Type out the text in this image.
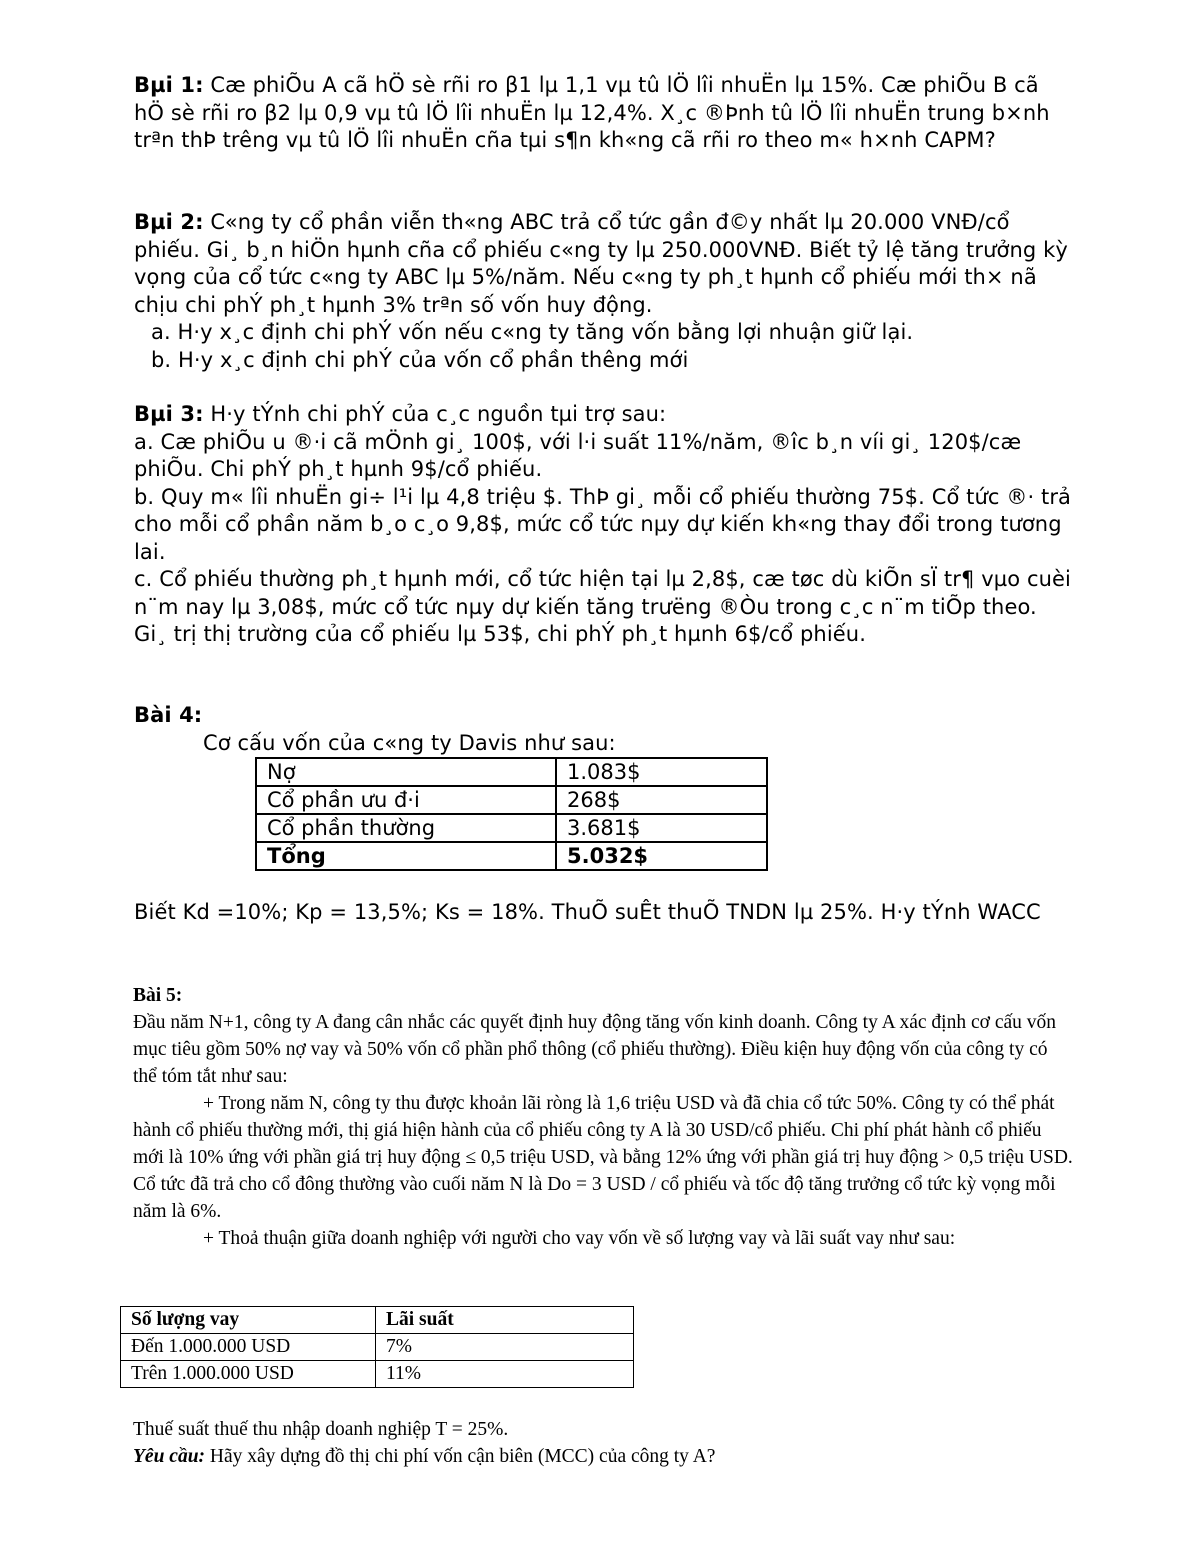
Bµi 1: Cæ phiÕu A cã hÖ sè rñi ro β1 lµ 1,1 vµ tû lÖ lîi nhuËn lµ 15%. Cæ phiÕu B cã hÖ sè rñi ro β2 lµ 0,9 vµ tû lÖ lîi nhuËn lµ 12,4%. X¸c ®Þnh tû lÖ lîi nhuËn trung b×nh trªn thÞ trêng vµ tû lÖ lîi nhuËn cña tµi s¶n kh«ng cã rñi ro theo m« h×nh CAPM?

Bµi 2: C«ng ty cổ phần viễn th«ng ABC trả cổ tức gần đ©y nhất lµ 20.000 VNĐ/cổ phiếu. Gi¸ b¸n hiÖn hµnh cña cổ phiếu c«ng ty lµ 250.000VNĐ. Biết tỷ lệ tăng trưởng kỳ vọng của cổ tức c«ng ty ABC lµ 5%/năm. Nếu c«ng ty ph¸t hµnh cổ phiếu mới th× nã chịu chi phÝ ph¸t hµnh 3% trªn số vốn huy động.

a. H·y x¸c định chi phÝ vốn nếu c«ng ty tăng vốn bằng lợi nhuận giữ lại.

b. H·y x¸c định chi phÝ của vốn cổ phần thêng mới

Bµi 3: H·y tÝnh chi phÝ của c¸c nguồn tµi trợ sau:

a. Cæ phiÕu u ®·i cã mÖnh gi¸ 100$, với l·i suất 11%/năm, ®îc b¸n víi gi¸ 120$/cæ phiÕu. Chi phÝ ph¸t hµnh 9$/cổ phiếu.

b. Quy m« lîi nhuËn gi÷ l¹i lµ 4,8 triệu $. ThÞ gi¸ mỗi cổ phiếu thường 75$. Cổ tức ®· trả cho mỗi cổ phần năm b¸o c¸o 9,8$, mức cổ tức nµy dự kiến kh«ng thay đổi trong tương lai.

c. Cổ phiếu thường ph¸t hµnh mới, cổ tức hiện tại lµ 2,8$, cæ tøc dù kiÕn sÏ tr¶ vµo cuèi n¨m nay lµ 3,08$, mức cổ tức nµy dự kiến tăng trưëng ®Òu trong c¸c n¨m tiÕp theo. Gi¸ trị thị trường của cổ phiếu lµ 53$, chi phÝ ph¸t hµnh 6$/cổ phiếu.

Bài 4:

Cơ cấu vốn của c«ng ty Davis như sau:

Nợ	1.083$
Cổ phần ưu đ·i	268$
Cổ phần thường	3.681$
Tổng	5.032$

Biết Kd =10%; Kp = 13,5%; Ks = 18%. ThuÕ suÊt thuÕ TNDN lµ 25%. H·y tÝnh WACC

Bài 5:

Đầu năm N+1, công ty A đang cân nhắc các quyết định huy động tăng vốn kinh doanh. Công ty A xác định cơ cấu vốn mục tiêu gồm 50% nợ vay và 50% vốn cổ phần phổ thông (cổ phiếu thường). Điều kiện huy động vốn của công ty có thể tóm tắt như sau:

+ Trong năm N, công ty thu được khoản lãi ròng là 1,6 triệu USD và đã chia cổ tức 50%. Công ty có thể phát hành cổ phiếu thường mới, thị giá hiện hành của cổ phiếu công ty A là 30 USD/cổ phiếu. Chi phí phát hành cổ phiếu mới là 10% ứng với phần giá trị huy động ≤ 0,5 triệu USD, và bằng 12% ứng với phần giá trị huy động > 0,5 triệu USD. Cổ tức đã trả cho cổ đông thường vào cuối năm N là Do = 3 USD / cổ phiếu và tốc độ tăng trưởng cổ tức kỳ vọng mỗi năm là 6%.

+ Thoả thuận giữa doanh nghiệp với người cho vay vốn về số lượng vay và lãi suất vay như sau:

Số lượng vay	Lãi suất
Đến 1.000.000 USD	7%
Trên 1.000.000 USD	11%

Thuế suất thuế thu nhập doanh nghiệp T = 25%.

Yêu cầu: Hãy xây dựng đồ thị chi phí vốn cận biên (MCC) của công ty A?
